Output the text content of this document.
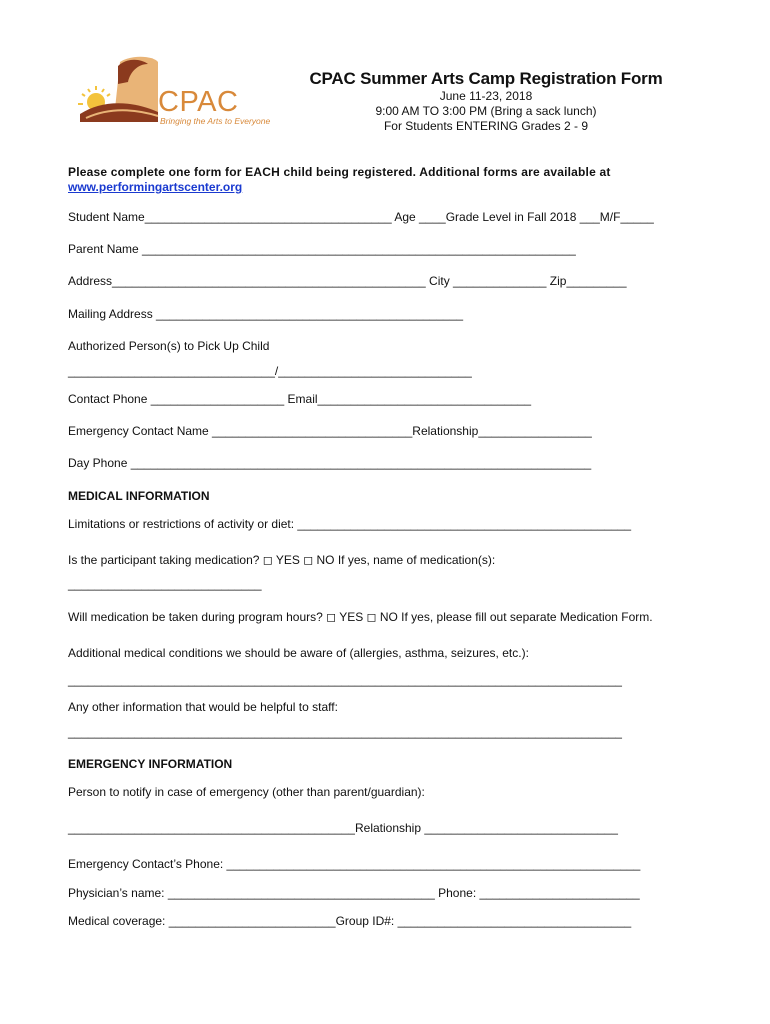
CPAC
Bringing the Arts to Everyone
CPAC Summer Arts Camp Registration Form
June 11-23, 2018
9:00 AM TO 3:00 PM (Bring a sack lunch)
For Students ENTERING Grades 2 - 9
Please complete one form for EACH child being registered. Additional forms are available at
www.performingartscenter.org
Student Name_____________________________________ Age ____Grade Level in Fall 2018 ___M/F_____
Parent Name _________________________________________________________________
Address_______________________________________________ City ______________ Zip_________
Mailing Address ______________________________________________
Authorized Person(s) to Pick Up Child
_______________________________/_____________________________
Contact Phone ____________________ Email________________________________
Emergency Contact Name ______________________________Relationship_________________
Day Phone _____________________________________________________________________
MEDICAL INFORMATION
Limitations or restrictions of activity or diet: __________________________________________________
Is the participant taking medication? ◻ YES ◻ NO If yes, name of medication(s):
_____________________________
Will medication be taken during program hours? ◻ YES ◻ NO If yes, please fill out separate Medication Form.
Additional medical conditions we should be aware of (allergies, asthma, seizures, etc.):
___________________________________________________________________________________
Any other information that would be helpful to staff:
___________________________________________________________________________________
EMERGENCY INFORMATION
Person to notify in case of emergency (other than parent/guardian):
___________________________________________Relationship _____________________________
Emergency Contact’s Phone: ______________________________________________________________
Physician’s name: ________________________________________ Phone: ________________________
Medical coverage: _________________________Group ID#: ___________________________________
